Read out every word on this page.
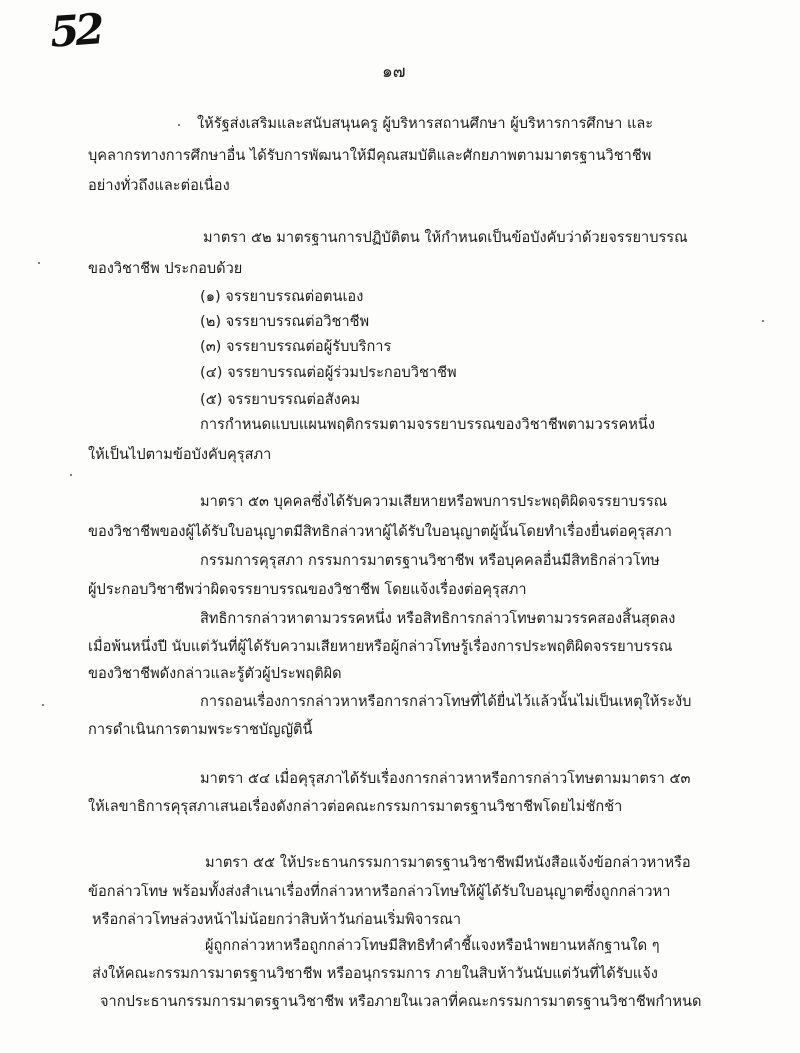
52
๑๗
ให้รัฐส่งเสริมและสนับสนุนครู ผู้บริหารสถานศึกษา ผู้บริหารการศึกษา และ
บุคลากรทางการศึกษาอื่น ได้รับการพัฒนาให้มีคุณสมบัติและศักยภาพตามมาตรฐานวิชาชีพ
อย่างทั่วถึงและต่อเนื่อง
มาตรา ๕๒ มาตรฐานการปฏิบัติตน ให้กำหนดเป็นข้อบังคับว่าด้วยจรรยาบรรณ
ของวิชาชีพ ประกอบด้วย
(๑) จรรยาบรรณต่อตนเอง
(๒) จรรยาบรรณต่อวิชาชีพ
(๓) จรรยาบรรณต่อผู้รับบริการ
(๔) จรรยาบรรณต่อผู้ร่วมประกอบวิชาชีพ
(๕) จรรยาบรรณต่อสังคม
การกำหนดแบบแผนพฤติกรรมตามจรรยาบรรณของวิชาชีพตามวรรคหนึ่ง
ให้เป็นไปตามข้อบังคับคุรุสภา
มาตรา ๕๓ บุคคลซึ่งได้รับความเสียหายหรือพบการประพฤติผิดจรรยาบรรณ
ของวิชาชีพของผู้ได้รับใบอนุญาตมีสิทธิกล่าวหาผู้ได้รับใบอนุญาตผู้นั้นโดยทำเรื่องยื่นต่อคุรุสภา
กรรมการคุรุสภา กรรมการมาตรฐานวิชาชีพ หรือบุคคลอื่นมีสิทธิกล่าวโทษ
ผู้ประกอบวิชาชีพว่าผิดจรรยาบรรณของวิชาชีพ โดยแจ้งเรื่องต่อคุรุสภา
สิทธิการกล่าวหาตามวรรคหนึ่ง หรือสิทธิการกล่าวโทษตามวรรคสองสิ้นสุดลง
เมื่อพ้นหนึ่งปี นับแต่วันที่ผู้ได้รับความเสียหายหรือผู้กล่าวโทษรู้เรื่องการประพฤติผิดจรรยาบรรณ
ของวิชาชีพดังกล่าวและรู้ตัวผู้ประพฤติผิด
การถอนเรื่องการกล่าวหาหรือการกล่าวโทษที่ได้ยื่นไว้แล้วนั้นไม่เป็นเหตุให้ระงับ
การดำเนินการตามพระราชบัญญัตินี้
มาตรา ๕๔ เมื่อคุรุสภาได้รับเรื่องการกล่าวหาหรือการกล่าวโทษตามมาตรา ๕๓
ให้เลขาธิการคุรุสภาเสนอเรื่องดังกล่าวต่อคณะกรรมการมาตรฐานวิชาชีพโดยไม่ชักช้า
มาตรา ๕๕ ให้ประธานกรรมการมาตรฐานวิชาชีพมีหนังสือแจ้งข้อกล่าวหาหรือ
ข้อกล่าวโทษ พร้อมทั้งส่งสำเนาเรื่องที่กล่าวหาหรือกล่าวโทษให้ผู้ได้รับใบอนุญาตซึ่งถูกกล่าวหา
หรือกล่าวโทษล่วงหน้าไม่น้อยกว่าสิบห้าวันก่อนเริ่มพิจารณา
ผู้ถูกกล่าวหาหรือถูกกล่าวโทษมีสิทธิทำคำชี้แจงหรือนำพยานหลักฐานใด ๆ
ส่งให้คณะกรรมการมาตรฐานวิชาชีพ หรืออนุกรรมการ ภายในสิบห้าวันนับแต่วันที่ได้รับแจ้ง
จากประธานกรรมการมาตรฐานวิชาชีพ หรือภายในเวลาที่คณะกรรมการมาตรฐานวิชาชีพกำหนด
